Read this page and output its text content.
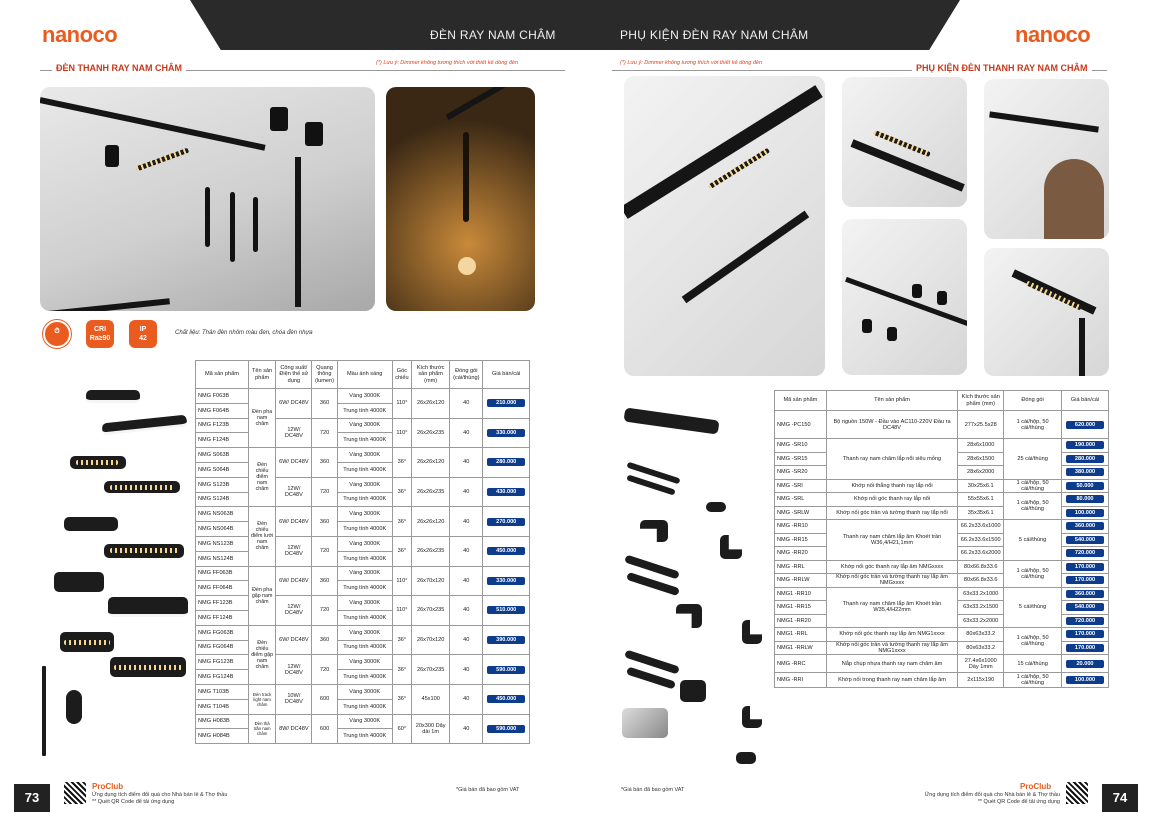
nanoco	nanoco
ĐÈN RAY NAM CHÂM	PHỤ KIỆN ĐÈN RAY NAM CHÂM
ĐÈN THANH RAY NAM CHÂM	(*) Lưu ý: Dimmer không tương thích với thiết kế dòng đèn
⏱	CRI
Ra≥90
IP
42
Chất liệu: Thân đèn nhôm màu đen, chóa đèn nhựa
Mã sản phẩm	Tên sản phẩm	Công suất/ Điện thế sử dụng	Quang thông (lumen)	Màu ánh sáng	Góc chiếu	Kích thước sản phẩm (mm)	Đóng gói (cái/thùng)	Giá bán/cái
NMG F063B	Đèn pha nam châm	6W/ DC48V	360	Vàng 3000K	110°	26x26x120	40	210.000

NMG F064B				Trung tính 4000K				
NMG F123B		12W/ DC48V	720	Vàng 3000K	110°	26x26x235	40	330.000

NMG F124B				Trung tính 4000K				
NMG S063B	Đèn chiếu điểm nam châm	6W/ DC48V	360	Vàng 3000K	36°	26x26x120	40	280.000

NMG S064B				Trung tính 4000K				
NMG S123B		12W/ DC48V	720	Vàng 3000K	36°	26x26x235	40	430.000

NMG S124B				Trung tính 4000K				
NMG NS063B	Đèn chiếu điểm lưới nam châm	6W/ DC48V	360	Vàng 3000K	36°	26x26x120	40	270.000

NMG NS064B				Trung tính 4000K				
NMG NS123B		12W/ DC48V	720	Vàng 3000K	36°	26x26x235	40	450.000

NMG NS124B				Trung tính 4000K				
NMG FF063B	Đèn pha gập nam châm	6W/ DC48V	360	Vàng 3000K	110°	26x70x120	40	330.000

NMG FF064B				Trung tính 4000K				
NMG FF123B		12W/ DC48V	720	Vàng 3000K	110°	26x70x235	40	510.000

NMG FF124B				Trung tính 4000K				
NMG FG063B	Đèn chiếu điểm gập nam châm	6W/ DC48V	360	Vàng 3000K	36°	26x70x120	40	390.000

NMG FG064B				Trung tính 4000K				
NMG FG123B		12W/ DC48V	720	Vàng 3000K	36°	26x70x235	40	590.000

NMG FG124B				Trung tính 4000K				
NMG T103B	Đèn track light nam châm	10W/ DC48V	600	Vàng 3000K	36°	45x100	40	450.000

NMG T104B				Trung tính 4000K				
NMG H083B	Đèn thả trần nam châm	8W/ DC48V	600	Vàng 3000K	60°	20x300 Dây dài 1m	40	590.000

NMG H084B				Trung tính 4000K				
PHỤ KIỆN ĐÈN THANH RAY NAM CHÂM
(*) Lưu ý: Dimmer không tương thích với thiết kế dòng đèn
Mã sản phẩm	Tên sản phẩm	Kích thước sản phẩm (mm)	Đóng gói	Giá bán/cái
NMG -PC150	Bộ nguồn 150W - Đầu vào AC110-220V Đầu ra DC48V	277x25.5x28	1 cái/hộp, 50 cái/thùng	620.000

NMG -SR10	Thanh ray nam châm lắp nổi siêu mỏng	28x6x1000	25 cái/thùng	190.000

NMG -SR15		28x6x1500		280.000

NMG -SR20		28x6x2000		380.000

NMG -SRI	Khớp nối thẳng thanh ray lắp nổi	30x25x6.1	1 cái/hộp, 50 cái/thùng	50.000

NMG -SRL	Khớp nối góc thanh ray lắp nổi	55x55x6.1	1 cái/hộp, 50 cái/thùng	80.000

NMG -SRLW	Khớp nối góc trần và tường thanh ray lắp nổi	35x35x6.1		100.000

NMG -RR10	Thanh ray nam châm lắp âm Khoét trần W36,4/H21,1mm	66.2x33.6x1000	5 cái/thùng	360.000

NMG -RR15		66.2x33.6x1500		540.000

NMG -RR20		66.2x33.6x2000		720.000

NMG -RRL	Khớp nối góc thanh ray lắp âm NMGxxxx	80x66.8x33.6	1 cái/hộp, 50 cái/thùng	170.000

NMG -RRLW	Khớp nối góc trần và tường thanh ray lắp âm NMGxxxx	80x66.8x33.6		170.000

NMG1 -RR10	Thanh ray nam châm lắp âm Khoét trần W35,4/H22mm	63x33.2x1000	5 cái/thùng	360.000

NMG1 -RR15		63x33.2x1500		540.000

NMG1 -RR20		63x33.2x2000		720.000

NMG1 -RRL	Khớp nối góc thanh ray lắp âm NMG1xxxx	80x63x33.2	1 cái/hộp, 50 cái/thùng	170.000

NMG1 -RRLW	Khớp nối góc trần và tường thanh ray lắp âm NMG1xxxx	80x63x33.2		170.000

NMG -RRC	Nắp chụp nhựa thanh ray nam châm âm	27.4x6x1000 Dày 1mm	15 cái/thùng	20.000

NMG -RRI	Khớp nối trong thanh ray nam châm lắp âm	2x115x190	1 cái/hộp, 50 cái/thùng	100.000
73
ProClub
Ứng dụng tích điểm đổi quà cho Nhà bán lẻ & Thợ thầu
** Quét QR Code để tải ứng dụng
*Giá bán đã bao gồm VAT	*Giá bán đã bao gồm VAT	ProClub
Ứng dụng tích điểm đổi quà cho Nhà bán lẻ & Thợ thầu
** Quét QR Code để tải ứng dụng	74
